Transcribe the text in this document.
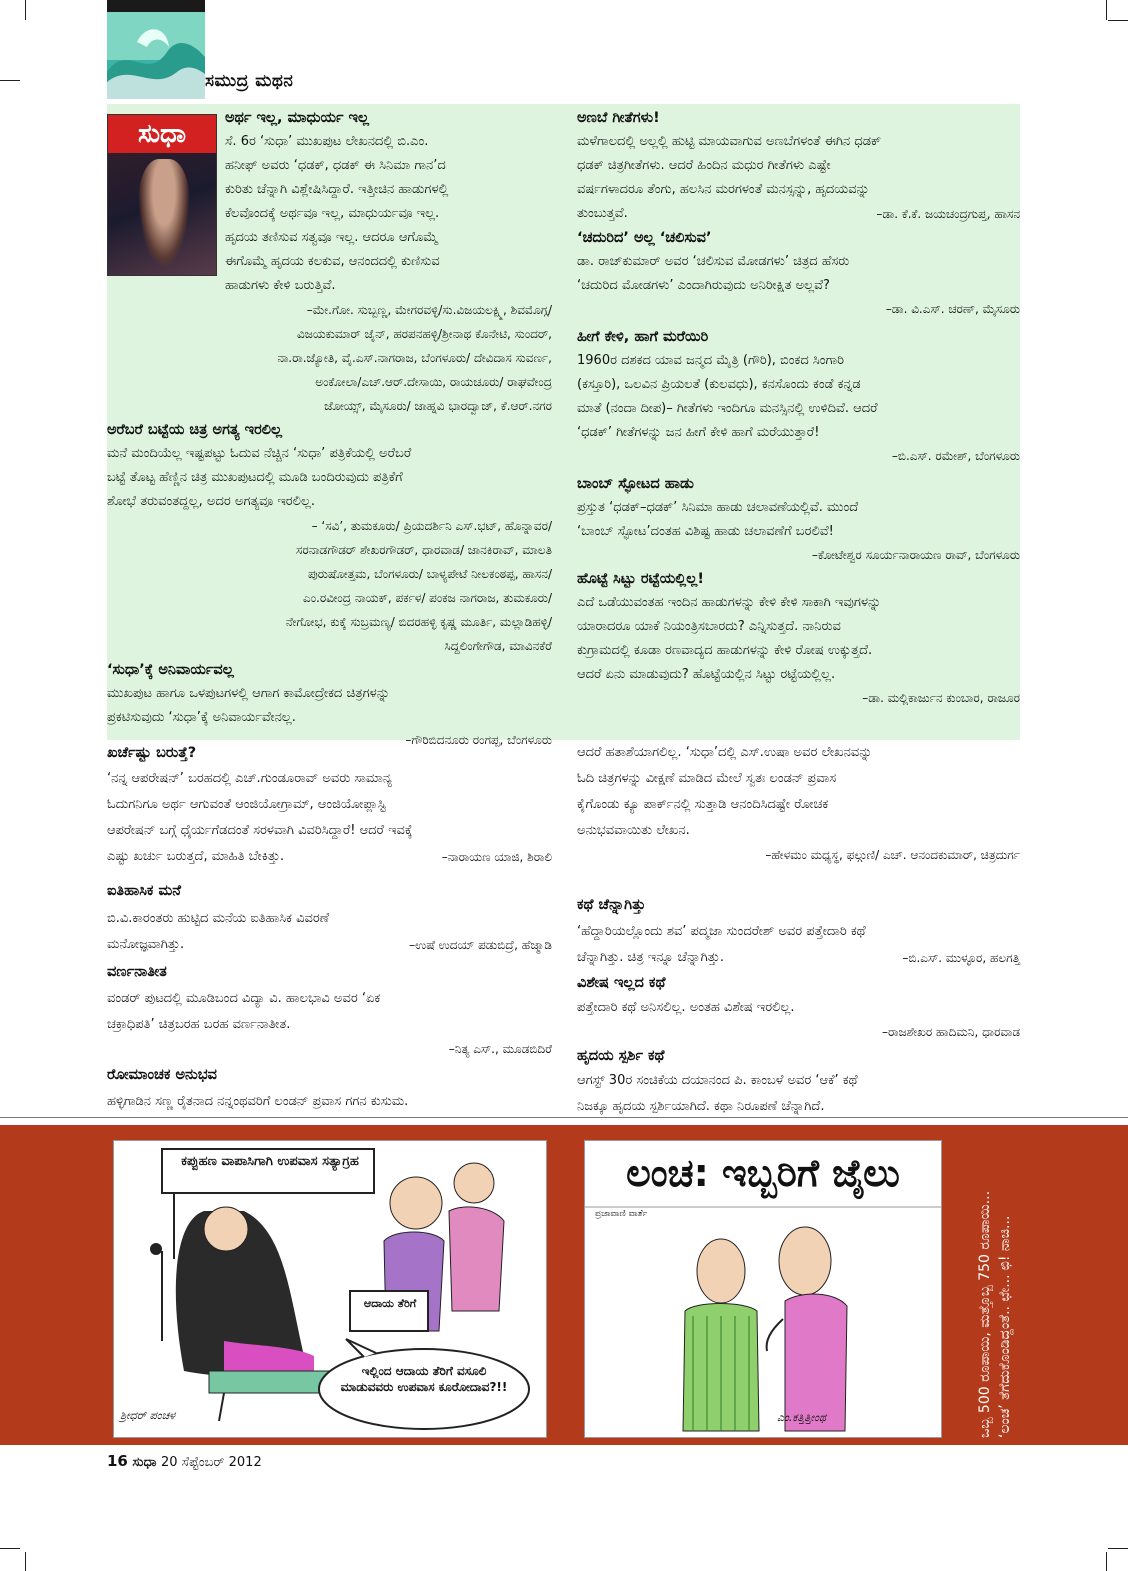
ಸಮುದ್ರ ಮಥನ
ಸುಧಾ
ಅರ್ಥ ಇಲ್ಲ, ಮಾಧುರ್ಯ ಇಲ್ಲ

ಸೆ. 6ರ ‘ಸುಧಾ’ ಮುಖಪುಟ ಲೇಖನದಲ್ಲಿ ಬಿ.ಎಂ.

ಹನೀಫ್ ಅವರು ‘ಧಡಕ್, ಧಡಕ್ ಈ ಸಿನಿಮಾ ಗಾನ’ದ

ಕುರಿತು ಚೆನ್ನಾಗಿ ವಿಶ್ಲೇಷಿಸಿದ್ದಾರೆ. ಇತ್ತೀಚಿನ ಹಾಡುಗಳಲ್ಲಿ

ಕೆಲವೊಂದಕ್ಕೆ ಅರ್ಥವೂ ಇಲ್ಲ, ಮಾಧುರ್ಯವೂ ಇಲ್ಲ.

ಹೃದಯ ತಣಿಸುವ ಸತ್ವವೂ ಇಲ್ಲ. ಆದರೂ ಆಗೊಮ್ಮೆ

ಈಗೊಮ್ಮೆ ಹೃದಯ ಕಲಕುವ, ಆನಂದದಲ್ಲಿ ಕುಣಿಸುವ

ಹಾಡುಗಳು ಕೇಳಿ ಬರುತ್ತಿವೆ.

–ಮೇ.ಗೋ. ಸುಬ್ಬಣ್ಣ, ಮೇಗರವಳ್ಳಿ/ಸು.ವಿಜಯಲಕ್ಷ್ಮಿ, ಶಿವಮೊಗ್ಗ/
ವಿಜಯಕುಮಾರ್ ಜೈನ್, ಹರಪನಹಳ್ಳಿ/ಶ್ರೀನಾಥ ಕೊನೇಟಿ, ಸುಂದರ್,
ನಾ.ರಾ.ಜ್ಯೋತಿ, ವೈ.ಎಸ್.ನಾಗರಾಜ, ಬೆಂಗಳೂರು/ ದೇವಿದಾಸ ಸುವರ್ಣ,
ಅಂಕೋಲಾ/ಎಚ್.ಆರ್.ದೇಸಾಯಿ, ರಾಯಚೂರು/ ರಾಘವೇಂದ್ರ
ಜೋಯ್ಸ್, ಮೈಸೂರು/ ಜಾಹ್ನವಿ ಭಾರದ್ವಾಜ್, ಕೆ.ಆರ್.ನಗರ
ಅರೆಬರೆ ಬಟ್ಟೆಯ ಚಿತ್ರ ಅಗತ್ಯ ಇರಲಿಲ್ಲ

ಮನೆ ಮಂದಿಯೆಲ್ಲ ಇಷ್ಟಪಟ್ಟು ಓದುವ ನೆಚ್ಚಿನ ‘ಸುಧಾ’ ಪತ್ರಿಕೆಯಲ್ಲಿ ಅರೆಬರೆ

ಬಟ್ಟೆ ತೊಟ್ಟ ಹೆಣ್ಣಿನ ಚಿತ್ರ ಮುಖಪುಟದಲ್ಲಿ ಮೂಡಿ ಬಂದಿರುವುದು ಪತ್ರಿಕೆಗೆ

ಶೋಭೆ ತರುವಂತದ್ದಲ್ಲ, ಅದರ ಅಗತ್ಯವೂ ಇರಲಿಲ್ಲ.

– ‘ಸವಿ’, ತುಮಕೂರು/ ಪ್ರಿಯದರ್ಶಿನಿ ಎಸ್.ಭಟ್, ಹೊನ್ನಾವರ/
ಸರನಾಡಗೌಡರ್ ಶೇಖರಗೌಡರ್, ಧಾರವಾಡ/ ಜಾನಕಿರಾವ್, ಮಾಲತಿ
ಪುರುಷೋತ್ತಮ, ಬೆಂಗಳೂರು/ ಬಾಳ್ಯಪೇಟೆ ನೀಲಕಂಠಪ್ಪ, ಹಾಸನ/
ಎಂ.ರವೀಂದ್ರ ನಾಯಕ್, ಪರ್ಕಳ/ ಪಂಕಜ ನಾಗರಾಜ, ತುಮಕೂರು/
ನೇಗೋಭ, ಕುಕ್ಕೆ ಸುಬ್ರಮಣ್ಯ/ ಬಿದರಹಳ್ಳಿ ಕೃಷ್ಣ ಮೂರ್ತಿ, ಮಲ್ಲಾಡಿಹಳ್ಳಿ/
ಸಿದ್ದಲಿಂಗೇಗೌಡ, ಮಾವಿನಕೆರೆ
‘ಸುಧಾ’ಕ್ಕೆ ಅನಿವಾರ್ಯವಲ್ಲ

ಮುಖಪುಟ ಹಾಗೂ ಒಳಪುಟಗಳಲ್ಲಿ ಆಗಾಗ ಕಾಮೋದ್ರೇಕದ ಚಿತ್ರಗಳನ್ನು

ಪ್ರಕಟಿಸುವುದು ‘ಸುಧಾ’ಕ್ಕೆ ಅನಿವಾರ್ಯವೇನಲ್ಲ.

–ಗೌರಿಬಿದನೂರು ರಂಗಪ್ಪ, ಬೆಂಗಳೂರು
ಅಣಬೆ ಗೀತೆಗಳು!

ಮಳೆಗಾಲದಲ್ಲಿ ಅಲ್ಲಲ್ಲಿ ಹುಟ್ಟಿ ಮಾಯವಾಗುವ ಅಣಬೆಗಳಂತೆ ಈಗಿನ ಧಡಕ್

ಧಡಕ್ ಚಿತ್ರಗೀತೆಗಳು. ಆದರೆ ಹಿಂದಿನ ಮಧುರ ಗೀತೆಗಳು ಎಷ್ಟೇ

ವರ್ಷಗಳಾದರೂ ತೆಂಗು, ಹಲಸಿನ ಮರಗಳಂತೆ ಮನಸ್ಸನ್ನು, ಹೃದಯವನ್ನು

ತುಂಬುತ್ತವೆ.	–ಡಾ. ಕೆ.ಕೆ. ಜಯಚಂದ್ರಗುಪ್ತ, ಹಾಸನ

‘ಚದುರಿದ’ ಅಲ್ಲ ‘ಚಲಿಸುವ’

ಡಾ. ರಾಜ್‌ಕುಮಾರ್ ಅವರ ‘ಚಲಿಸುವ ಮೋಡಗಳು’ ಚಿತ್ರದ ಹೆಸರು

‘ಚದುರಿದ ಮೋಡಗಳು’ ಎಂದಾಗಿರುವುದು ಅನಿರೀಕ್ಷಿತ ಅಲ್ಲವೆ?

–ಡಾ. ವಿ.ಎಸ್. ಚರಣ್, ಮೈಸೂರು
ಹೀಗೆ ಕೇಳಿ, ಹಾಗೆ ಮರೆಯಿರಿ

1960ರ ದಶಕದ ಯಾವ ಜನ್ಮದ ಮೈತ್ರಿ (ಗೌರಿ), ಬಿಂಕದ ಸಿಂಗಾರಿ

(ಕಸ್ತೂರಿ), ಒಲವಿನ ಪ್ರಿಯಲತೆ (ಕುಲವಧು), ಕನಸೊಂದು ಕಂಡೆ ಕನ್ನಡ

ಮಾತೆ (ನಂದಾ ದೀಪ)– ಗೀತೆಗಳು ಇಂದಿಗೂ ಮನಸ್ಸಿನಲ್ಲಿ ಉಳಿದಿವೆ. ಆದರೆ

‘ಧಡಕ್’ ಗೀತೆಗಳನ್ನು ಜನ ಹೀಗೆ ಕೇಳಿ ಹಾಗೆ ಮರೆಯುತ್ತಾರೆ!

–ಬಿ.ಎಸ್. ರಮೇಶ್, ಬೆಂಗಳೂರು
ಬಾಂಬ್ ಸ್ಫೋಟದ ಹಾಡು

ಪ್ರಸ್ತುತ ‘ಧಡಕ್–ಧಡಕ್’ ಸಿನಿಮಾ ಹಾಡು ಚಲಾವಣೆಯಲ್ಲಿವೆ. ಮುಂದೆ

‘ಬಾಂಬ್ ಸ್ಫೋಟ’ದಂತಹ ವಿಶಿಷ್ಟ ಹಾಡು ಚಲಾವಣೆಗೆ ಬರಲಿವೆ!

–ಕೋಟೇಶ್ವರ ಸೂರ್ಯನಾರಾಯಣ ರಾವ್, ಬೆಂಗಳೂರು
ಹೊಟ್ಟೆ ಸಿಟ್ಟು ರಟ್ಟೆಯಲ್ಲಿಲ್ಲ!

ಎದೆ ಒಡೆಯುವಂತಹ ಇಂದಿನ ಹಾಡುಗಳನ್ನು ಕೇಳಿ ಕೇಳಿ ಸಾಕಾಗಿ ಇವುಗಳನ್ನು

ಯಾರಾದರೂ ಯಾಕೆ ನಿಯಂತ್ರಿಸಬಾರದು? ಎನ್ನಿಸುತ್ತದೆ. ನಾನಿರುವ

ಕುಗ್ರಾಮದಲ್ಲಿ ಕೂಡಾ ರಣವಾದ್ಯದ ಹಾಡುಗಳನ್ನು ಕೇಳಿ ರೋಷ ಉಕ್ಕುತ್ತದೆ.

ಆದರೆ ಏನು ಮಾಡುವುದು? ಹೊಟ್ಟೆಯಲ್ಲಿನ ಸಿಟ್ಟು ರಟ್ಟೆಯಲ್ಲಿಲ್ಲ.

–ಡಾ. ಮಲ್ಲಿಕಾರ್ಜುನ ಕುಂಬಾರ, ರಾಜೂರ
ಖರ್ಚೆಷ್ಟು ಬರುತ್ತೆ?

‘ನನ್ನ ಆಪರೇಷನ್’ ಬರಹದಲ್ಲಿ ಎಚ್.ಗುಂಡೂರಾವ್ ಅವರು ಸಾಮಾನ್ಯ

ಓದುಗನಿಗೂ ಅರ್ಥ ಆಗುವಂತೆ ಆಂಜಿಯೋಗ್ರಾಮ್, ಆಂಜಿಯೋಪ್ಲಾಸ್ಟಿ

ಆಪರೇಷನ್ ಬಗ್ಗೆ ಧೈರ್ಯಗೆಡದಂತೆ ಸರಳವಾಗಿ ವಿವರಿಸಿದ್ದಾರೆ! ಆದರೆ ಇವಕ್ಕೆ

ಎಷ್ಟು ಖರ್ಚು ಬರುತ್ತದೆ, ಮಾಹಿತಿ ಬೇಕಿತ್ತು.	–ನಾರಾಯಣ ಯಾಜಿ, ಶಿರಾಲಿ

ಐತಿಹಾಸಿಕ ಮನೆ

ಬಿ.ವಿ.ಕಾರಂತರು ಹುಟ್ಟಿದ ಮನೆಯ ಐತಿಹಾಸಿಕ ವಿವರಣೆ

ಮನೋಜ್ಞವಾಗಿತ್ತು.	–ಉಷೆ ಉದಯ್ ಪಡುಬಿದ್ರೆ, ಹೆಜ್ಮಾಡಿ

ವರ್ಣನಾತೀತ

ವಂಡರ್ ಪುಟದಲ್ಲಿ ಮೂಡಿಬಂದ ವಿದ್ಯಾ ವಿ. ಹಾಲಭಾವಿ ಅವರ ‘ಏಕ

ಚಕ್ರಾಧಿಪತಿ’ ಚಿತ್ರಬರಹ ಬರಹ ವರ್ಣನಾತೀತ.

–ನಿತ್ಯ ಎಸ್., ಮೂಡಬಿದಿರೆ
ರೋಮಾಂಚಕ ಅನುಭವ

ಹಳ್ಳಿಗಾಡಿನ ಸಣ್ಣ ರೈತನಾದ ನನ್ನಂಥವರಿಗೆ ಲಂಡನ್ ಪ್ರವಾಸ ಗಗನ ಕುಸುಮ.

ಆದರೆ ಹತಾಶೆಯಾಗಲಿಲ್ಲ. ‘ಸುಧಾ’ದಲ್ಲಿ ಎಸ್.ಉಷಾ ಅವರ ಲೇಖನವನ್ನು

ಓದಿ ಚಿತ್ರಗಳನ್ನು ವೀಕ್ಷಣೆ ಮಾಡಿದ ಮೇಲೆ ಸ್ವತಃ ಲಂಡನ್ ಪ್ರವಾಸ

ಕೈಗೊಂಡು ಕ್ಯೂ ಪಾರ್ಕ್‌ನಲ್ಲಿ ಸುತ್ತಾಡಿ ಆನಂದಿಸಿದಷ್ಟೇ ರೋಚಕ

ಅನುಭವವಾಯಿತು ಲೇಖನ.

–ಹೇಳಮಂ ಮಧ್ಯಸ್ಥ, ಫಲ್ಗುಣಿ/ ಎಚ್. ಆನಂದಕುಮಾರ್, ಚಿತ್ರದುರ್ಗ
ಕಥೆ ಚೆನ್ನಾಗಿತ್ತು

‘ಹೆದ್ದಾರಿಯಲ್ಲೊಂದು ಶವ’ ಪದ್ಮಜಾ ಸುಂದರೇಶ್ ಅವರ ಪತ್ತೇದಾರಿ ಕಥೆ

ಚೆನ್ನಾಗಿತ್ತು. ಚಿತ್ರ ಇನ್ನೂ ಚೆನ್ನಾಗಿತ್ತು.	–ಬಿ.ಎಸ್. ಮುಳ್ಳೂರ, ಹಲಗತ್ತಿ

ವಿಶೇಷ ಇಲ್ಲದ ಕಥೆ

ಪತ್ತೇದಾರಿ ಕಥೆ ಅನಿಸಲಿಲ್ಲ. ಅಂತಹ ವಿಶೇಷ ಇರಲಿಲ್ಲ.

–ರಾಜಶೇಖರ ಹಾದಿಮನಿ, ಧಾರವಾಡ
ಹೃದಯ ಸ್ಪರ್ಶಿ ಕಥೆ

ಆಗಸ್ಟ್ 30ರ ಸಂಚಿಕೆಯ ದಯಾನಂದ ಪಿ. ಕಾಂಬಳೆ ಅವರ ‘ಆಕೆ’ ಕಥೆ

ನಿಜಕ್ಕೂ ಹೃದಯ ಸ್ಪರ್ಶಿಯಾಗಿದೆ. ಕಥಾ ನಿರೂಪಣೆ ಚೆನ್ನಾಗಿದೆ.

ಕಪ್ಪುಹಣ ವಾಪಾಸಿಗಾಗಿ ಉಪವಾಸ ಸತ್ಯಾಗ್ರಹ
ಆದಾಯ ತೆರಿಗೆ
ಇಲ್ಲಿಂದ ಆದಾಯ ತೆರಿಗೆ ವಸೂಲಿ ಮಾಡುವವರು ಉಪವಾಸ ಕೂರೋದಾವ?!!
ಶ್ರೀಧರ್ ಪಂಚಳ
ಲಂಚ: ಇಬ್ಬರಿಗೆ ಜೈಲು
ಪ್ರಜಾವಾಣಿ ವಾರ್ತೆ
ಎಂ.ಕತ್ತಿತ್ತೀಂಥ	ಒಬ್ಬ 500 ರೂಪಾಯಿ, ಮತ್ತೊಬ್ಬ 750 ರೂಪಾಯಿ... ‘ಲಂಚ’ ತೆಗೆದುಕೊಂಡಿದ್ದಂತೆ.. ಛೇ... ಛಿ! ನಾಚಿ...
16 ಸುಧಾ 20 ಸೆಪ್ಟೆಂಬರ್ 2012
